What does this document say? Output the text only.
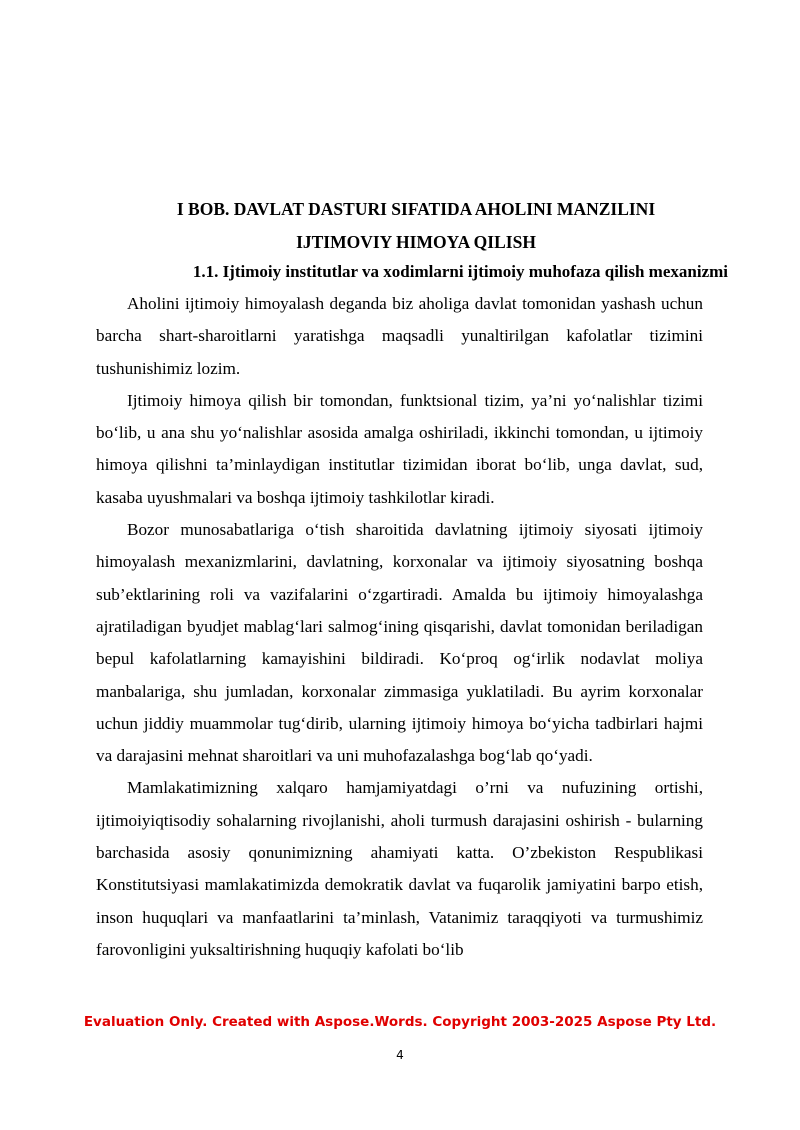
I BOB. DAVLAT DASTURI SIFATIDA AHOLINI MANZILINI
IJTIMOVIY HIMOYA QILISH
1.1. Ijtimoiy institutlar va xodimlarni ijtimoiy muhofaza qilish mexanizmi

Aholini ijtimoiy himoyalash deganda biz aholiga davlat tomonidan yashash uchun barcha shart-sharoitlarni yaratishga maqsadli yunaltirilgan kafolatlar tizimini tushunishimiz lozim.

Ijtimoiy himoya qilish bir tomondan, funktsional tizim, ya’ni yo‘nalishlar tizimi bo‘lib, u ana shu yo‘nalishlar asosida amalga oshiriladi, ikkinchi tomondan, u ijtimoiy himoya qilishni ta’minlaydigan institutlar tizimidan iborat bo‘lib, unga davlat, sud, kasaba uyushmalari va boshqa ijtimoiy tashkilotlar kiradi.

Bozor munosabatlariga o‘tish sharoitida davlatning ijtimoiy siyosati ijtimoiy himoyalash mexanizmlarini, davlatning, korxonalar va ijtimoiy siyosatning boshqa sub’ektlarining roli va vazifalarini o‘zgartiradi. Amalda bu ijtimoiy himoyalashga ajratiladigan byudjet mablag‘lari salmog‘ining qisqarishi, davlat tomonidan beriladigan bepul kafolatlarning kamayishini bildiradi. Ko‘proq og‘irlik nodavlat moliya manbalariga, shu jumladan, korxonalar zimmasiga yuklatiladi. Bu ayrim korxonalar uchun jiddiy muammolar tug‘dirib, ularning ijtimoiy himoya bo‘yicha tadbirlari hajmi va darajasini mehnat sharoitlari va uni muhofazalashga bog‘lab qo‘yadi.

Mamlakatimizning xalqaro hamjamiyatdagi o’rni va nufuzining ortishi, ijtimoiyiqtisodiy sohalarning rivojlanishi, aholi turmush darajasini oshirish - bularning barchasida asosiy qonunimizning ahamiyati katta. O’zbekiston Respublikasi Konstitutsiyasi mamlakatimizda demokratik davlat va fuqarolik jamiyatini barpo etish, inson huquqlari va manfaatlarini ta’minlash, Vatanimiz taraqqiyoti va turmushimiz farovonligini yuksaltirishning huquqiy kafolati bo‘lib

Evaluation Only. Created with Aspose.Words. Copyright 2003-2025 Aspose Pty Ltd.
4
